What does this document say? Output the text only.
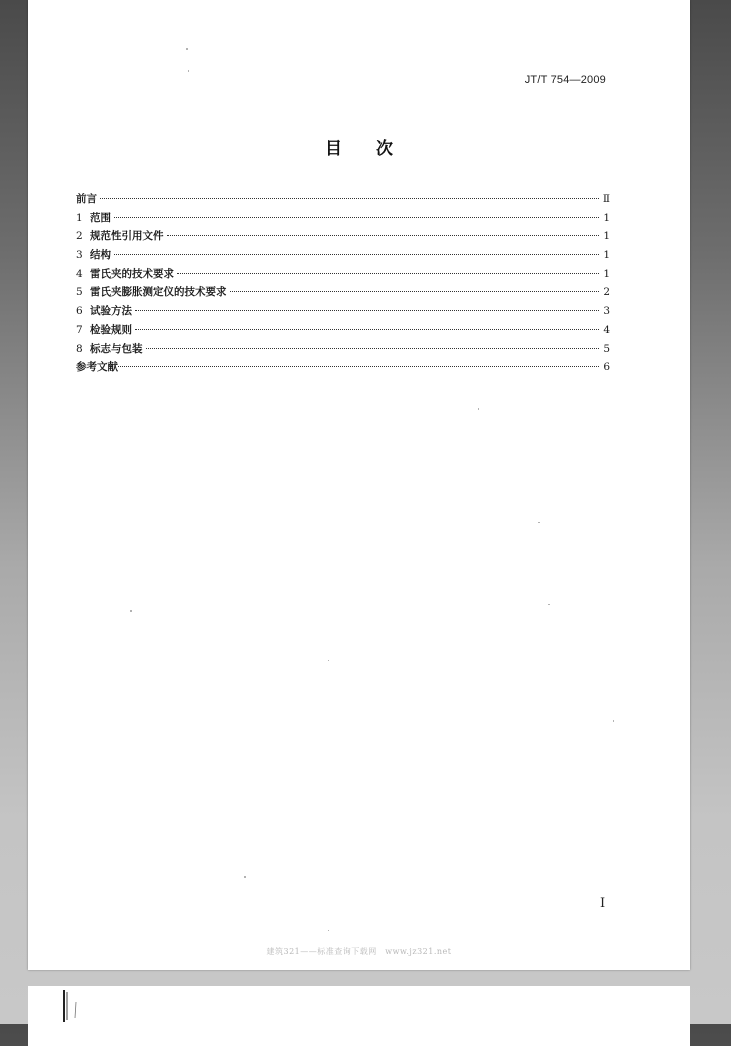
JT/T 754—2009
目次
前言	Ⅱ
1 范围	1
2 规范性引用文件	1
3 结构	1
4 雷氏夹的技术要求	1
5 雷氏夹膨胀测定仪的技术要求	2
6 试验方法	3
7 检验规则	4
8 标志与包装	5
参考文献	6
Ⅰ
建筑321——标准查询下载网　www.jz321.net
